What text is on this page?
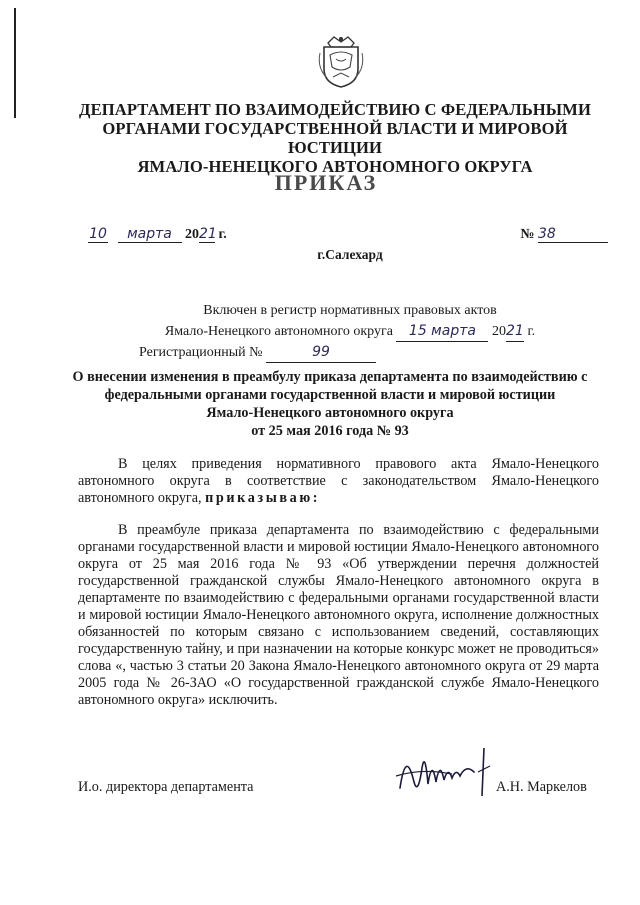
ДЕПАРТАМЕНТ ПО ВЗАИМОДЕЙСТВИЮ С ФЕДЕРАЛЬНЫМИ
ОРГАНАМИ ГОСУДАРСТВЕННОЙ ВЛАСТИ И МИРОВОЙ ЮСТИЦИИ
ЯМАЛО-НЕНЕЦКОГО АВТОНОМНОГО ОКРУГА
ПРИКАЗ
10 марта 2021 г.	№ 38
г.Салехард
Включен в регистр нормативных правовых актов
Ямало-Ненецкого автономного округа 15 марта 2021 г.
Регистрационный №	99
О внесении изменения в преамбулу приказа департамента по взаимодействию с
федеральными органами государственной власти и мировой юстиции
Ямало-Ненецкого автономного округа
от 25 мая 2016 года № 93
В целях приведения нормативного правового акта Ямало-Ненецкого автономного округа в соответствие с законодательством Ямало-Ненецкого автономного округа, приказываю:
В преамбуле приказа департамента по взаимодействию с федеральными органами государственной власти и мировой юстиции Ямало-Ненецкого автономного округа от 25 мая 2016 года № 93 «Об утверждении перечня должностей государственной гражданской службы Ямало-Ненецкого автономного округа в департаменте по взаимодействию с федеральными органами государственной власти и мировой юстиции Ямало-Ненецкого автономного округа, исполнение должностных обязанностей по которым связано с использованием сведений, составляющих государственную тайну, и при назначении на которые конкурс может не проводиться» слова «, частью 3 статьи 20 Закона Ямало-Ненецкого автономного округа от 29 марта 2005 года № 26-ЗАО «О государственной гражданской службе Ямало-Ненецкого автономного округа» исключить.
И.о. директора департамента	А.Н. Маркелов
